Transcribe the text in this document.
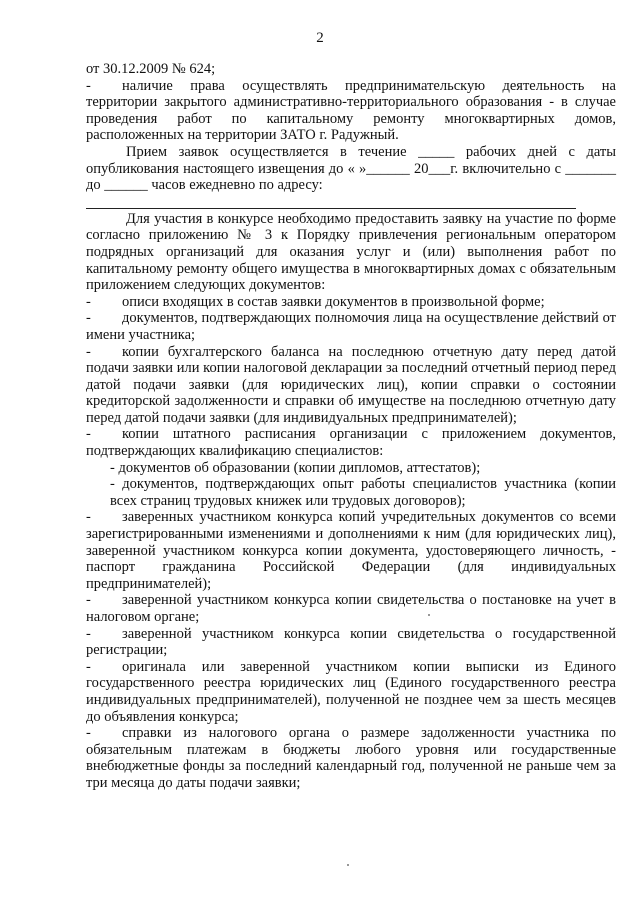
2

от 30.12.2009 № 624;

- наличие права осуществлять предпринимательскую деятельность на территории закрытого административно-территориального образования - в случае проведения работ по капитальному ремонту многоквартирных домов, расположенных на территории ЗАТО г. Радужный.

Прием заявок осуществляется в течение _____ рабочих дней с даты опубликования настоящего извещения до « »______ 20___г. включительно с _______ до ______ часов ежедневно по адресу:

Для участия в конкурсе необходимо предоставить заявку на участие по форме согласно приложению № 3 к Порядку привлечения региональным оператором подрядных организаций для оказания услуг и (или) выполнения работ по капитальному ремонту общего имущества в многоквартирных домах с обязательным приложением следующих документов:

- описи входящих в состав заявки документов в произвольной форме;

- документов, подтверждающих полномочия лица на осуществление действий от имени участника;

- копии бухгалтерского баланса на последнюю отчетную дату перед датой подачи заявки или копии налоговой декларации за последний отчетный период перед датой подачи заявки (для юридических лиц), копии справки о состоянии кредиторской задолженности и справки об имуществе на последнюю отчетную дату перед датой подачи заявки (для индивидуальных предпринимателей);

- копии штатного расписания организации с приложением документов, подтверждающих квалификацию специалистов:

- документов об образовании (копии дипломов, аттестатов);

- документов, подтверждающих опыт работы специалистов участника (копии всех страниц трудовых книжек или трудовых договоров);

- заверенных участником конкурса копий учредительных документов со всеми зарегистрированными изменениями и дополнениями к ним (для юридических лиц), заверенной участником конкурса копии документа, удостоверяющего личность, - паспорт гражданина Российской Федерации (для индивидуальных предпринимателей);

- заверенной участником конкурса копии свидетельства о постановке на учет в налоговом органе;

- заверенной участником конкурса копии свидетельства о государственной регистрации;

- оригинала или заверенной участником копии выписки из Единого государственного реестра юридических лиц (Единого государственного реестра индивидуальных предпринимателей), полученной не позднее чем за шесть месяцев до объявления конкурса;

- справки из налогового органа о размере задолженности участника по обязательным платежам в бюджеты любого уровня или государственные внебюджетные фонды за последний календарный год, полученной не раньше чем за три месяца до даты подачи заявки;
